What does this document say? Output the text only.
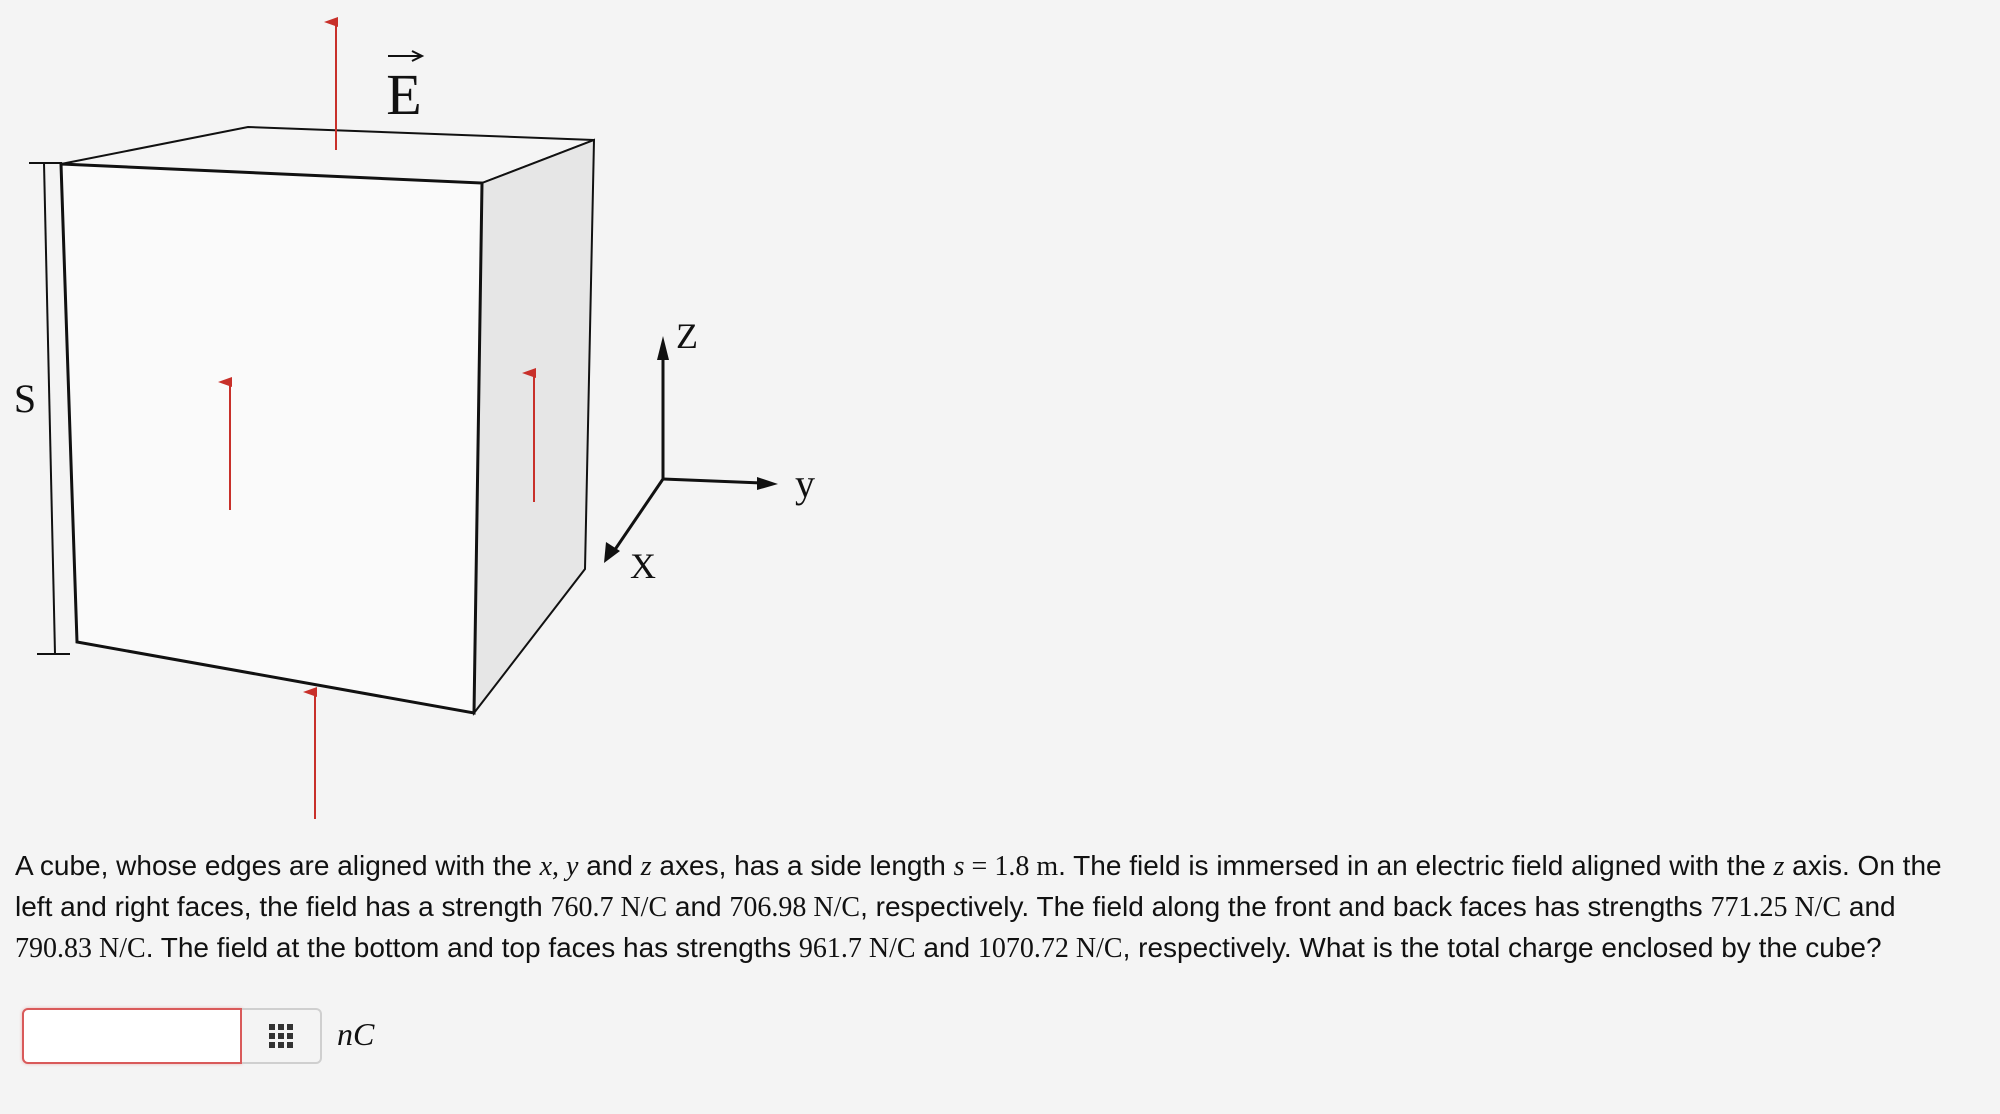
E
S
Z
y
X
A cube, whose edges are aligned with the x, y and z axes, has a side length s = 1.8 m. The field is immersed in an electric field aligned with the z axis. On the left and right faces, the field has a strength 760.7 N/C and 706.98 N/C, respectively. The field along the front and back faces has strengths 771.25 N/C and 790.83 N/C. The field at the bottom and top faces has strengths 961.7 N/C and 1070.72 N/C, respectively. What is the total charge enclosed by the cube?
nC
